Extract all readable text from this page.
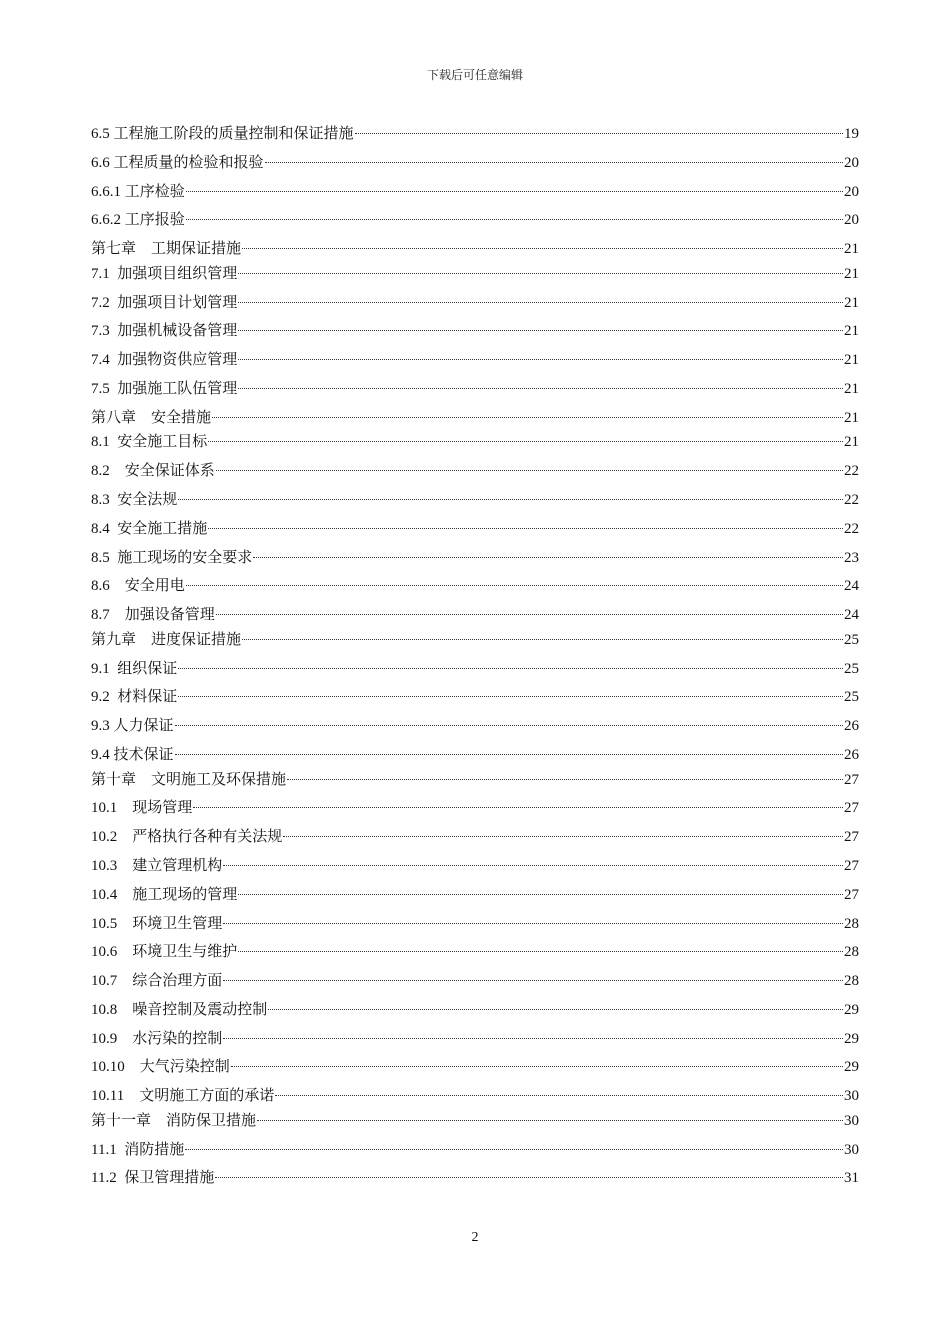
下载后可任意编辑
6.5 工程施工阶段的质量控制和保证措施	19
6.6 工程质量的检验和报验	20
6.6.1 工序检验	20
6.6.2 工序报验	20
第七章　工期保证措施	21
7.1  加强项目组织管理	21
7.2  加强项目计划管理	21
7.3  加强机械设备管理	21
7.4  加强物资供应管理	21
7.5  加强施工队伍管理	21
第八章　安全措施	21
8.1  安全施工目标	21
8.2    安全保证体系	22
8.3  安全法规	22
8.4  安全施工措施	22
8.5  施工现场的安全要求	23
8.6    安全用电	24
8.7    加强设备管理	24
第九章　进度保证措施	25
9.1  组织保证	25
9.2  材料保证	25
9.3 人力保证	26
9.4 技术保证	26
第十章　文明施工及环保措施	27
10.1    现场管理	27
10.2    严格执行各种有关法规	27
10.3    建立管理机构	27
10.4    施工现场的管理	27
10.5    环境卫生管理	28
10.6    环境卫生与维护	28
10.7    综合治理方面	28
10.8    噪音控制及震动控制	29
10.9    水污染的控制	29
10.10    大气污染控制	29
10.11    文明施工方面的承诺	30
第十一章　消防保卫措施	30
11.1  消防措施	30
11.2  保卫管理措施	31
2
